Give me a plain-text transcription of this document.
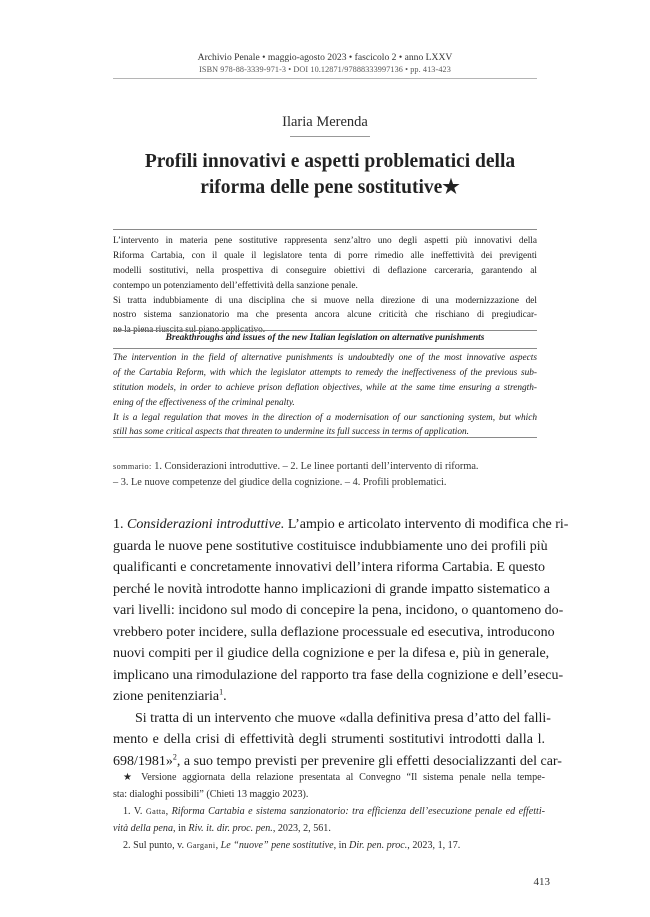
Archivio Penale • maggio-agosto 2023 • fascicolo 2 • anno LXXV
ISBN 978-88-3339-971-3 • DOI 10.12871/97888333997136 • pp. 413-423
Ilaria Merenda
Profili innovativi e aspetti problematici della
riforma delle pene sostitutive★
L’intervento in materia pene sostitutive rappresenta senz’altro uno degli aspetti più innovativi della
Riforma Cartabia, con il quale il legislatore tenta di porre rimedio alle ineffettività dei previgenti
modelli sostitutivi, nella prospettiva di conseguire obiettivi di deflazione carceraria, garantendo al
contempo un potenziamento dell’effettività della sanzione penale.
Si tratta indubbiamente di una disciplina che si muove nella direzione di una modernizzazione del
nostro sistema sanzionatorio ma che presenta ancora alcune criticità che rischiano di pregiudicar-
Breakthroughs and issues of the new Italian legislation on alternative punishments
The intervention in the field of alternative punishments is undoubtedly one of the most innovative aspects
of the Cartabia Reform, with which the legislator attempts to remedy the ineffectiveness of the previous sub-
stitution models, in order to achieve prison deflation objectives, while at the same time ensuring a strength-
ening of the effectiveness of the criminal penalty.
It is a legal regulation that moves in the direction of a modernisation of our sanctioning system, but which
still has some critical aspects that threaten to undermine its full success in terms of application.
sommario: 1. Considerazioni introduttive. – 2. Le linee portanti dell’intervento di riforma.
– 3. Le nuove competenze del giudice della cognizione. – 4. Profili problematici.
1. Considerazioni introduttive. L’ampio e articolato intervento di modifica che ri-
guarda le nuove pene sostitutive costituisce indubbiamente uno dei profili più
qualificanti e concretamente innovativi dell’intera riforma Cartabia. E questo
perché le novità introdotte hanno implicazioni di grande impatto sistematico a
vari livelli: incidono sul modo di concepire la pena, incidono, o quantomeno do-
vrebbero poter incidere, sulla deflazione processuale ed esecutiva, introducono
nuovi compiti per il giudice della cognizione e per la difesa e, più in generale,
implicano una rimodulazione del rapporto tra fase della cognizione e dell’esecu-
zione penitenziaria$^1$.
Si tratta di un intervento che muove «dalla definitiva presa d’atto del falli-
mento e della crisi di effettività degli strumenti sostitutivi introdotti dalla l.
698/1981»$^2$, a suo tempo previsti per prevenire gli effetti desocializzanti del car-
★ Versione aggiornata della relazione presentata al Convegno “Il sistema penale nella tempe-
sta: dialoghi possibili” (Chieti 13 maggio 2023).
1. V. Gatta, Riforma Cartabia e sistema sanzionatorio: tra efficienza dell’esecuzione penale ed effetti-
vità della pena, in Riv. it. dir. proc. pen., 2023, 2, 561.
2. Sul punto, v. Gargani, Le “nuove” pene sostitutive, in Dir. pen. proc., 2023, 1, 17.
413
